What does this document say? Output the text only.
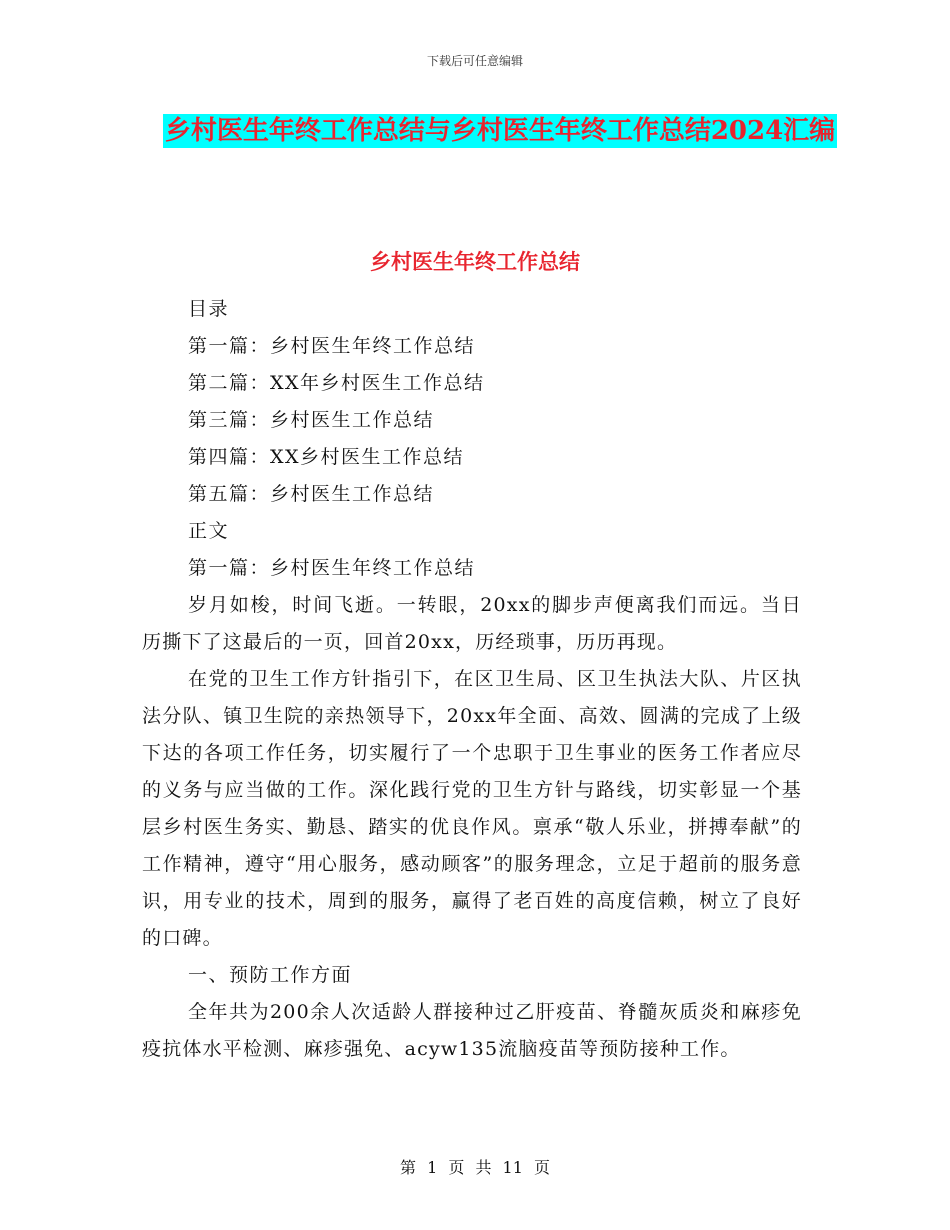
下载后可任意编辑
乡村医生年终工作总结与乡村医生年终工作总结2024汇编
乡村医生年终工作总结
目录
第一篇：乡村医生年终工作总结
第二篇：XX年乡村医生工作总结
第三篇：乡村医生工作总结
第四篇：XX乡村医生工作总结
第五篇：乡村医生工作总结
正文
第一篇：乡村医生年终工作总结
岁月如梭，时间飞逝。一转眼，20xx的脚步声便离我们而远。当日历撕下了这最后的一页，回首20xx，历经琐事，历历再现。
在党的卫生工作方针指引下，在区卫生局、区卫生执法大队、片区执法分队、镇卫生院的亲热领导下，20xx年全面、高效、圆满的完成了上级下达的各项工作任务，切实履行了一个忠职于卫生事业的医务工作者应尽的义务与应当做的工作。深化践行党的卫生方针与路线，切实彰显一个基层乡村医生务实、勤恳、踏实的优良作风。禀承“敬人乐业，拼搏奉献”的工作精神，遵守“用心服务，感动顾客”的服务理念，立足于超前的服务意识，用专业的技术，周到的服务，赢得了老百姓的高度信赖，树立了良好的口碑。
一、预防工作方面
全年共为200余人次适龄人群接种过乙肝疫苗、脊髓灰质炎和麻疹免疫抗体水平检测、麻疹强免、acyw135流脑疫苗等预防接种工作。
第 1 页 共 11 页
